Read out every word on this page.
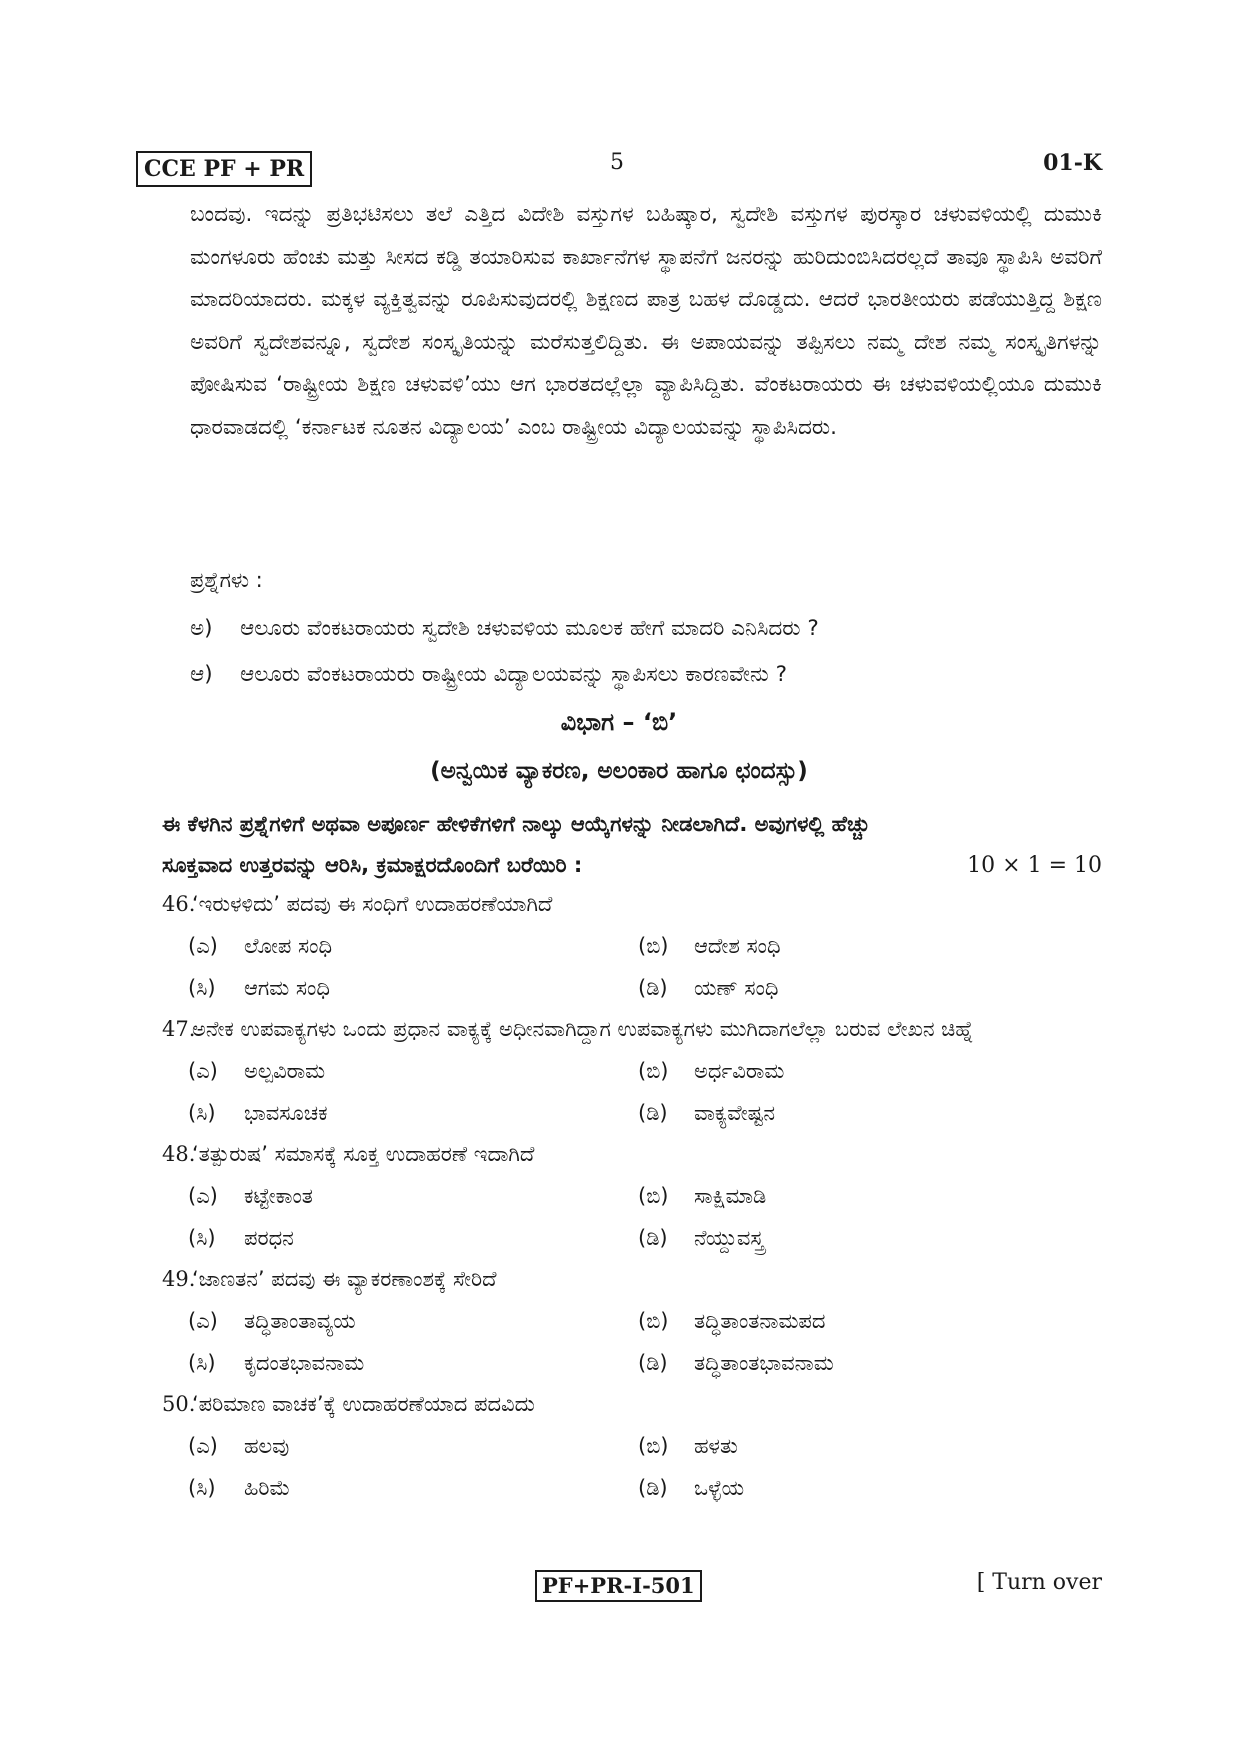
CCE PF + PR	5	01-K

ಬಂದವು. ಇದನ್ನು ಪ್ರತಿಭಟಿಸಲು ತಲೆ ಎತ್ತಿದ ವಿದೇಶಿ ವಸ್ತುಗಳ ಬಹಿಷ್ಕಾರ, ಸ್ವದೇಶಿ ವಸ್ತುಗಳ ಪುರಸ್ಕಾರ ಚಳುವಳಿಯಲ್ಲಿ ದುಮುಕಿ ಮಂಗಳೂರು ಹೆಂಚು ಮತ್ತು ಸೀಸದ ಕಡ್ಡಿ ತಯಾರಿಸುವ ಕಾರ್ಖಾನೆಗಳ ಸ್ಥಾಪನೆಗೆ ಜನರನ್ನು ಹುರಿದುಂಬಿಸಿದರಲ್ಲದೆ ತಾವೂ ಸ್ಥಾಪಿಸಿ ಅವರಿಗೆ ಮಾದರಿಯಾದರು. ಮಕ್ಕಳ ವ್ಯಕ್ತಿತ್ವವನ್ನು ರೂಪಿಸುವುದರಲ್ಲಿ ಶಿಕ್ಷಣದ ಪಾತ್ರ ಬಹಳ ದೊಡ್ಡದು. ಆದರೆ ಭಾರತೀಯರು ಪಡೆಯುತ್ತಿದ್ದ ಶಿಕ್ಷಣ ಅವರಿಗೆ ಸ್ವದೇಶವನ್ನೂ, ಸ್ವದೇಶ ಸಂಸ್ಕೃತಿಯನ್ನು ಮರೆಸುತ್ತಲಿದ್ದಿತು. ಈ ಅಪಾಯವನ್ನು ತಪ್ಪಿಸಲು ನಮ್ಮ ದೇಶ ನಮ್ಮ ಸಂಸ್ಕೃತಿಗಳನ್ನು ಪೋಷಿಸುವ ‘ರಾಷ್ಟ್ರೀಯ ಶಿಕ್ಷಣ ಚಳುವಳಿ’ಯು ಆಗ ಭಾರತದಲ್ಲೆಲ್ಲಾ ವ್ಯಾಪಿಸಿದ್ದಿತು. ವೆಂಕಟರಾಯರು ಈ ಚಳುವಳಿಯಲ್ಲಿಯೂ ದುಮುಕಿ ಧಾರವಾಡದಲ್ಲಿ ‘ಕರ್ನಾಟಕ ನೂತನ ವಿದ್ಯಾಲಯ’ ಎಂಬ ರಾಷ್ಟ್ರೀಯ ವಿದ್ಯಾಲಯವನ್ನು ಸ್ಥಾಪಿಸಿದರು.

ಪ್ರಶ್ನೆಗಳು :
ಅ)	ಆಲೂರು ವೆಂಕಟರಾಯರು ಸ್ವದೇಶಿ ಚಳುವಳಿಯ ಮೂಲಕ ಹೇಗೆ ಮಾದರಿ ಎನಿಸಿದರು ?
ಆ)	ಆಲೂರು ವೆಂಕಟರಾಯರು ರಾಷ್ಟ್ರೀಯ ವಿದ್ಯಾಲಯವನ್ನು ಸ್ಥಾಪಿಸಲು ಕಾರಣವೇನು ?
ವಿಭಾಗ – ‘ಬಿ’
(ಅನ್ವಯಿಕ ವ್ಯಾಕರಣ, ಅಲಂಕಾರ ಹಾಗೂ ಛಂದಸ್ಸು)
ಈ ಕೆಳಗಿನ ಪ್ರಶ್ನೆಗಳಿಗೆ ಅಥವಾ ಅಪೂರ್ಣ ಹೇಳಿಕೆಗಳಿಗೆ ನಾಲ್ಕು ಆಯ್ಕೆಗಳನ್ನು ನೀಡಲಾಗಿದೆ. ಅವುಗಳಲ್ಲಿ ಹೆಚ್ಚು
ಸೂಕ್ತವಾದ ಉತ್ತರವನ್ನು ಆರಿಸಿ, ಕ್ರಮಾಕ್ಷರದೊಂದಿಗೆ ಬರೆಯಿರಿ :	10 × 1 = 10
46.
‘ಇರುಳಳಿದು’ ಪದವು ಈ ಸಂಧಿಗೆ ಉದಾಹರಣೆಯಾಗಿದೆ
(ಎ)	ಲೋಪ ಸಂಧಿ	(ಬಿ)	ಆದೇಶ ಸಂಧಿ
(ಸಿ)	ಆಗಮ ಸಂಧಿ	(ಡಿ)	ಯಣ್ ಸಂಧಿ
47.
ಅನೇಕ ಉಪವಾಕ್ಯಗಳು ಒಂದು ಪ್ರಧಾನ ವಾಕ್ಯಕ್ಕೆ ಅಧೀನವಾಗಿದ್ದಾಗ ಉಪವಾಕ್ಯಗಳು ಮುಗಿದಾಗಲೆಲ್ಲಾ ಬರುವ ಲೇಖನ ಚಿಹ್ನೆ
(ಎ)	ಅಲ್ಪವಿರಾಮ	(ಬಿ)	ಅರ್ಧವಿರಾಮ
(ಸಿ)	ಭಾವಸೂಚಕ	(ಡಿ)	ವಾಕ್ಯವೇಷ್ಟನ
48.
‘ತತ್ಪುರುಷ’ ಸಮಾಸಕ್ಕೆ ಸೂಕ್ತ ಉದಾಹರಣೆ ಇದಾಗಿದೆ
(ಎ)	ಕಟ್ಟೇಕಾಂತ	(ಬಿ)	ಸಾಕ್ಷಿಮಾಡಿ
(ಸಿ)	ಪರಧನ	(ಡಿ)	ನೆಯ್ದುವಸ್ತ್ರ
49.
‘ಜಾಣತನ’ ಪದವು ಈ ವ್ಯಾಕರಣಾಂಶಕ್ಕೆ ಸೇರಿದೆ
(ಎ)	ತದ್ಧಿತಾಂತಾವ್ಯಯ	(ಬಿ)	ತದ್ಧಿತಾಂತನಾಮಪದ
(ಸಿ)	ಕೃದಂತಭಾವನಾಮ	(ಡಿ)	ತದ್ಧಿತಾಂತಭಾವನಾಮ
50.
‘ಪರಿಮಾಣ ವಾಚಕ’ಕ್ಕೆ ಉದಾಹರಣೆಯಾದ ಪದವಿದು
(ಎ)	ಹಲವು	(ಬಿ)	ಹಳತು
(ಸಿ)	ಹಿರಿಮೆ	(ಡಿ)	ಒಳ್ಳೆಯ
PF+PR-I-501	[ Turn over
